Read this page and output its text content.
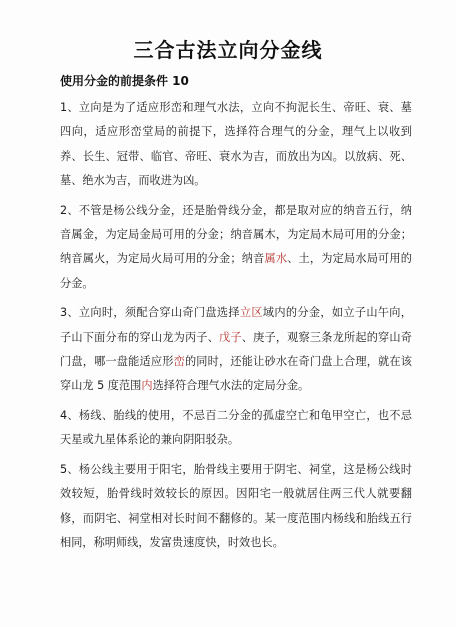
三合古法立向分金线
使用分金的前提条件 10

1、立向是为了适应形峦和理气水法，立向不拘泥长生、帝旺、衰、墓四向，适应形峦堂局的前提下，选择符合理气的分金，理气上以收到养、长生、冠带、临官、帝旺、衰水为吉，而放出为凶。以放病、死、墓、绝水为吉，而收进为凶。

2、不管是杨公线分金，还是胎骨线分金，都是取对应的纳音五行，纳音属金，为定局金局可用的分金；纳音属木，为定局木局可用的分金；纳音属火，为定局火局可用的分金；纳音属水、土，为定局水局可用的分金。

3、立向时，须配合穿山奇门盘选择立区域内的分金，如立子山午向，子山下面分布的穿山龙为丙子、戊子、庚子，观察三条龙所起的穿山奇门盘，哪一盘能适应形峦的同时，还能让砂水在奇门盘上合理，就在该穿山龙 5 度范围内选择符合理气水法的定局分金。

4、杨线、胎线的使用，不忌百二分金的孤虚空亡和龟甲空亡，也不忌天星或九星体系论的兼向阴阳驳杂。

5、杨公线主要用于阳宅，胎骨线主要用于阴宅、祠堂，这是杨公线时效较短，胎骨线时效较长的原因。因阳宅一般就居住两三代人就要翻修，而阴宅、祠堂相对长时间不翻修的。某一度范围内杨线和胎线五行相同，称明师线，发富贵速度快，时效也长。
